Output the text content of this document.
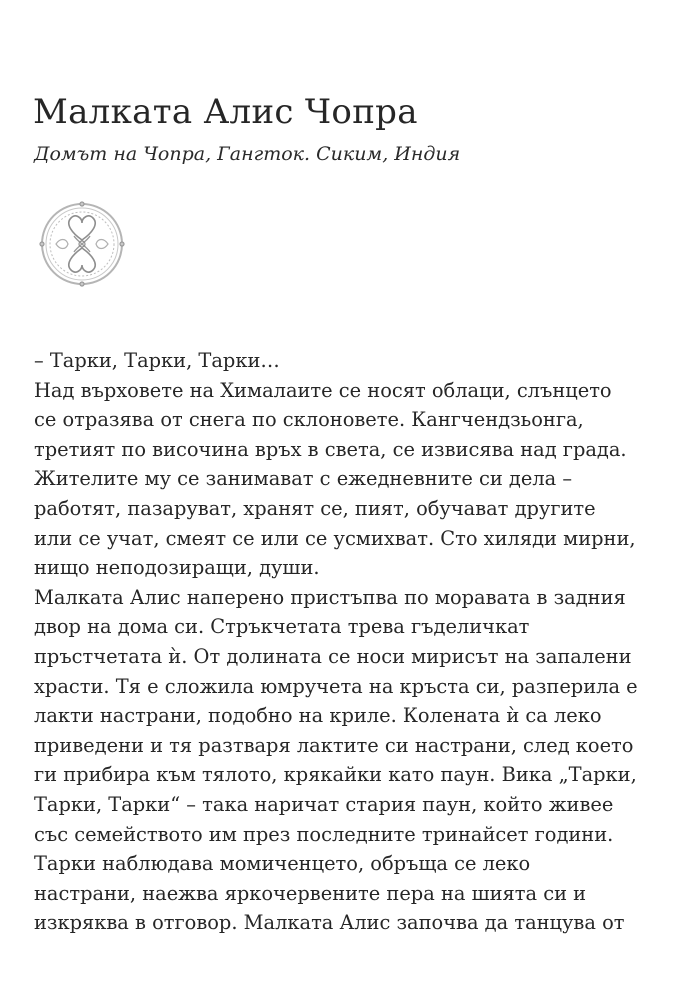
Малката Алис Чопра

Домът на Чопра, Гангток. Сиким, Индия

– Тарки, Тарки, Тарки…
Над върховете на Хималаите се носят облаци, слънцето
се отразява от снега по склоновете. Кангчендзьонга,
третият по височина връх в света, се извисява над града.
Жителите му се занимават с ежедневните си дела –
работят, пазаруват, хранят се, пият, обучават другите
или се учат, смеят се или се усмихват. Сто хиляди мирни,
нищо неподозиращи, души.
Малката Алис наперено пристъпва по моравата в задния
двор на дома си. Стръкчетата трева гъделичкат
пръстчетата ѝ. От долината се носи мирисът на запалени
храсти. Тя е сложила юмручета на кръста си, разперила е
лакти настрани, подобно на криле. Колената ѝ са леко
приведени и тя разтваря лактите си настрани, след което
ги прибира към тялото, крякайки като паун. Вика „Тарки,
Тарки, Тарки“ – така наричат стария паун, който живее
със семейството им през последните тринайсет години.
Тарки наблюдава момиченцето, обръща се леко
настрани, наежва яркочервените пера на шията си и
изкряква в отговор. Малката Алис започва да танцува от
